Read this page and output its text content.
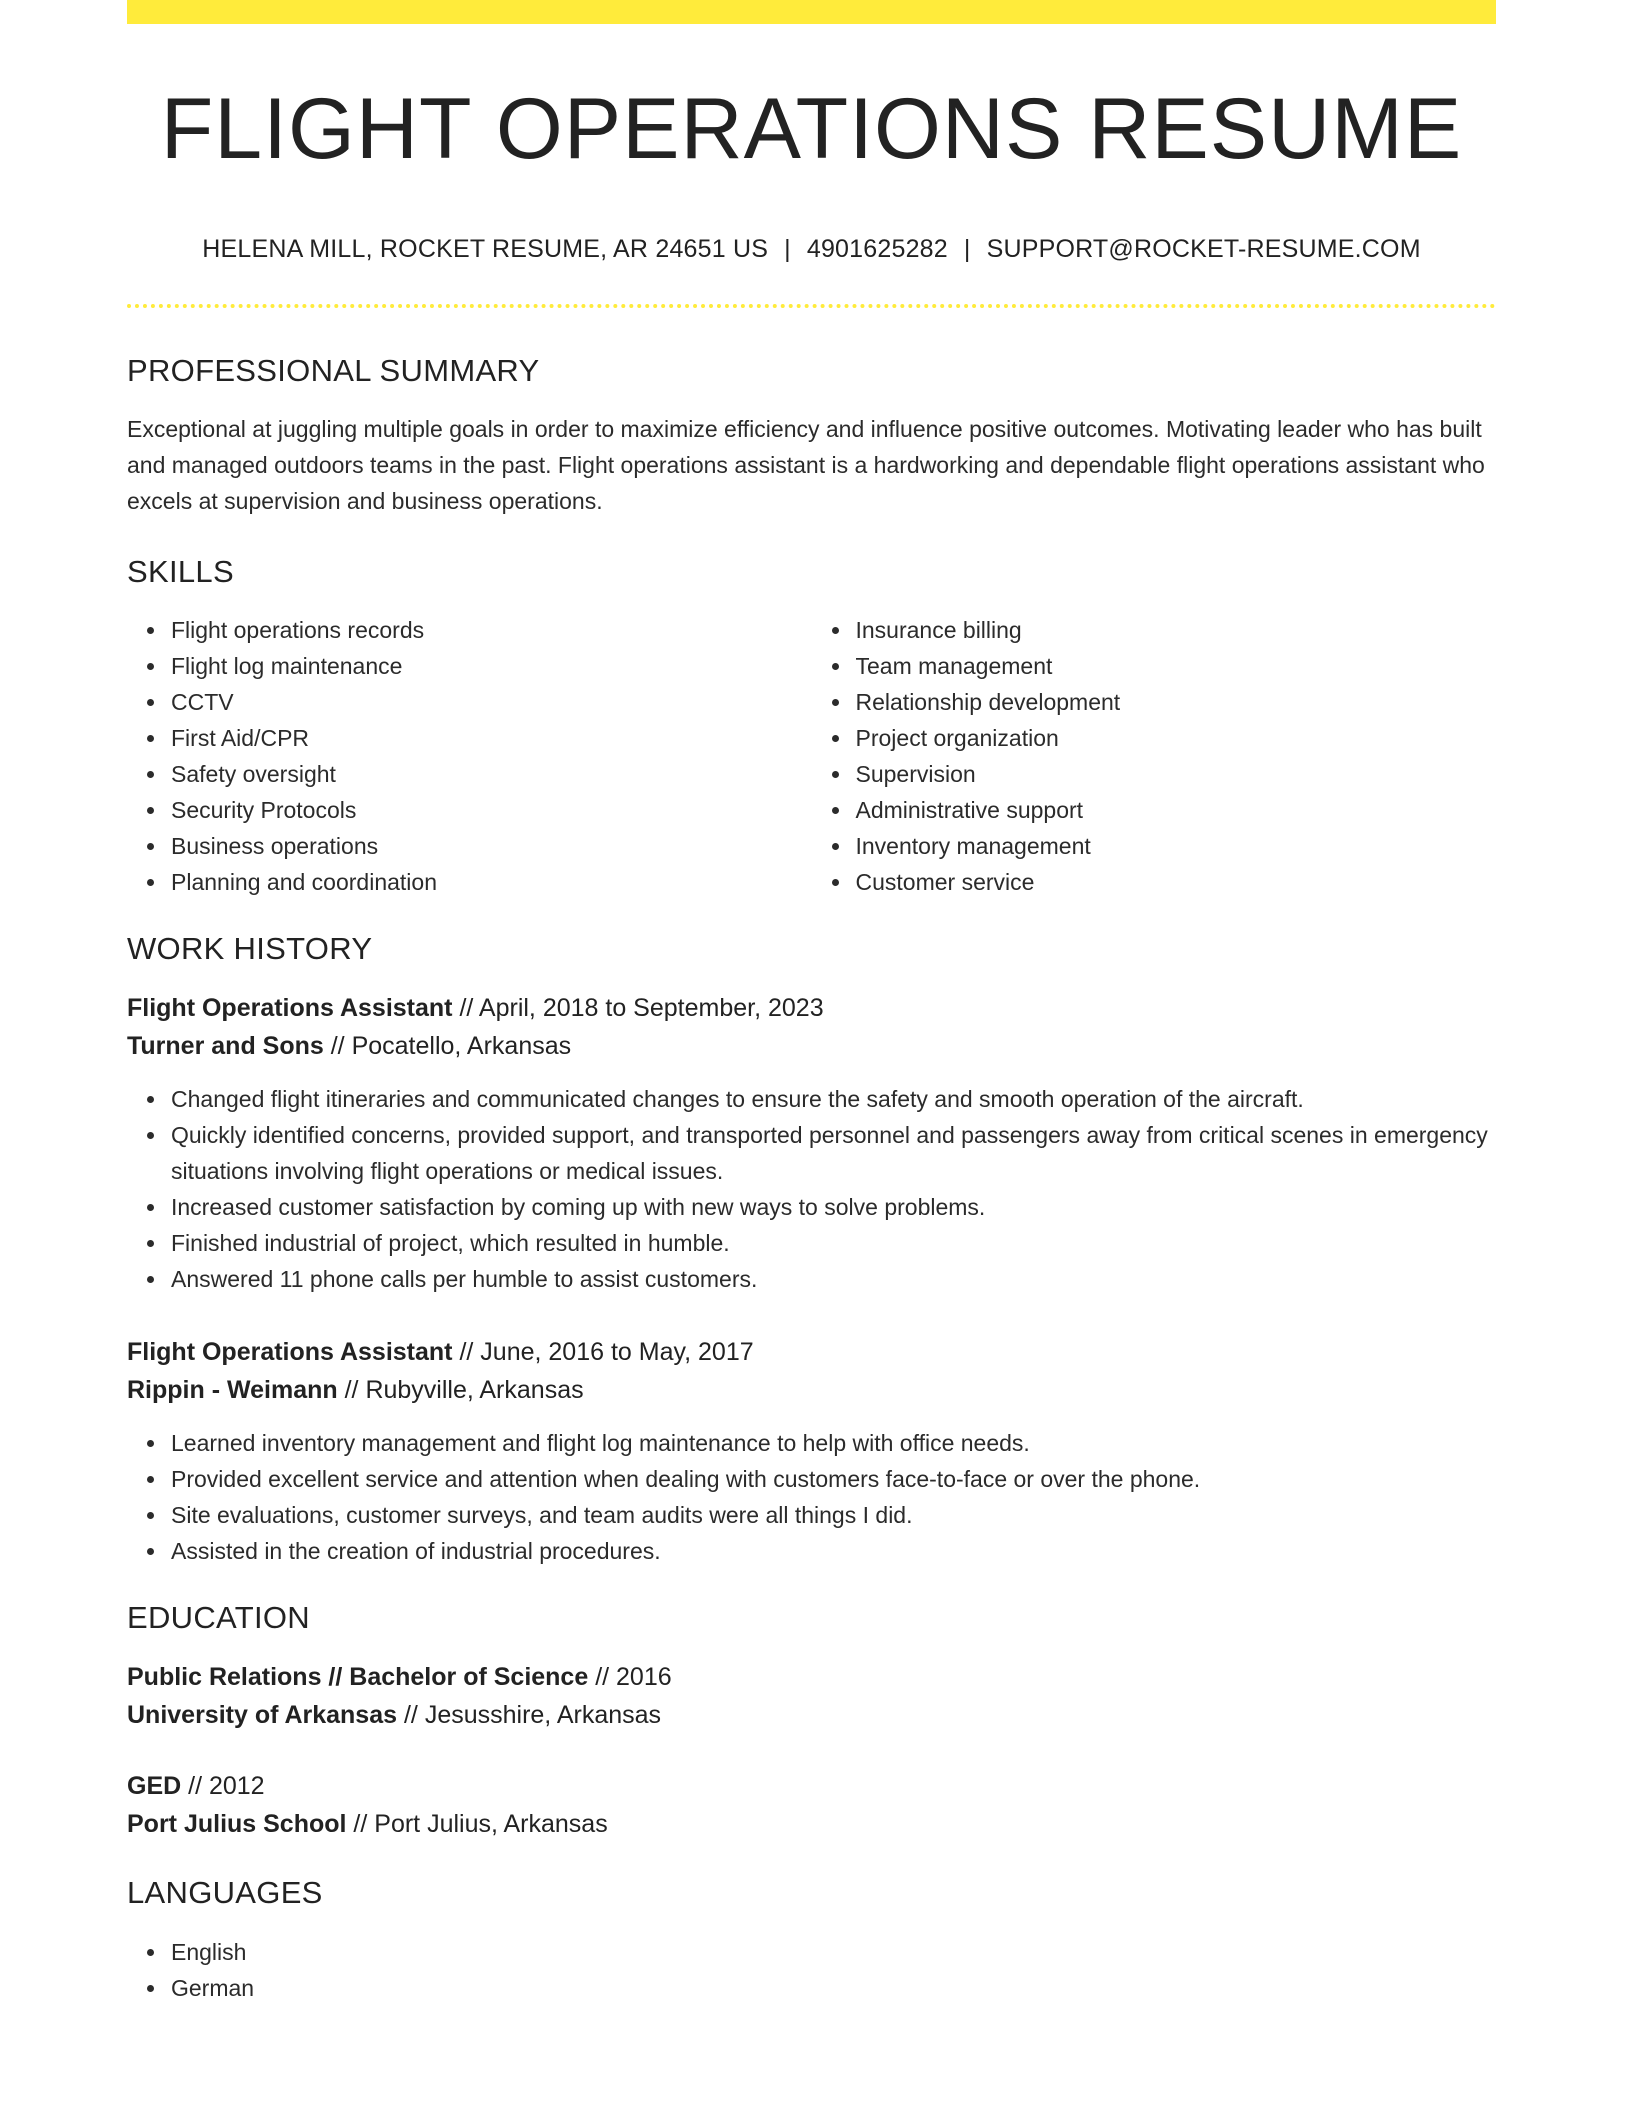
FLIGHT OPERATIONS RESUME
HELENA MILL, ROCKET RESUME, AR 24651 US | 4901625282 | SUPPORT@ROCKET-RESUME.COM
PROFESSIONAL SUMMARY

Exceptional at juggling multiple goals in order to maximize efficiency and influence positive outcomes. Motivating leader who has built and managed outdoors teams in the past. Flight operations assistant is a hardworking and dependable flight operations assistant who excels at supervision and business operations.

SKILLS
Flight operations records
Flight log maintenance
CCTV
First Aid/CPR
Safety oversight
Security Protocols
Business operations
Planning and coordination
Insurance billing
Team management
Relationship development
Project organization
Supervision
Administrative support
Inventory management
Customer service
WORK HISTORY
Flight Operations Assistant // April, 2018 to September, 2023
Turner and Sons // Pocatello, Arkansas
Changed flight itineraries and communicated changes to ensure the safety and smooth operation of the aircraft.
Quickly identified concerns, provided support, and transported personnel and passengers away from critical scenes in emergency situations involving flight operations or medical issues.
Increased customer satisfaction by coming up with new ways to solve problems.
Finished industrial of project, which resulted in humble.
Answered 11 phone calls per humble to assist customers.
Flight Operations Assistant // June, 2016 to May, 2017
Rippin - Weimann // Rubyville, Arkansas
Learned inventory management and flight log maintenance to help with office needs.
Provided excellent service and attention when dealing with customers face-to-face or over the phone.
Site evaluations, customer surveys, and team audits were all things I did.
Assisted in the creation of industrial procedures.
EDUCATION
Public Relations // Bachelor of Science // 2016
University of Arkansas // Jesusshire, Arkansas
GED // 2012
Port Julius School // Port Julius, Arkansas
LANGUAGES
English
German
